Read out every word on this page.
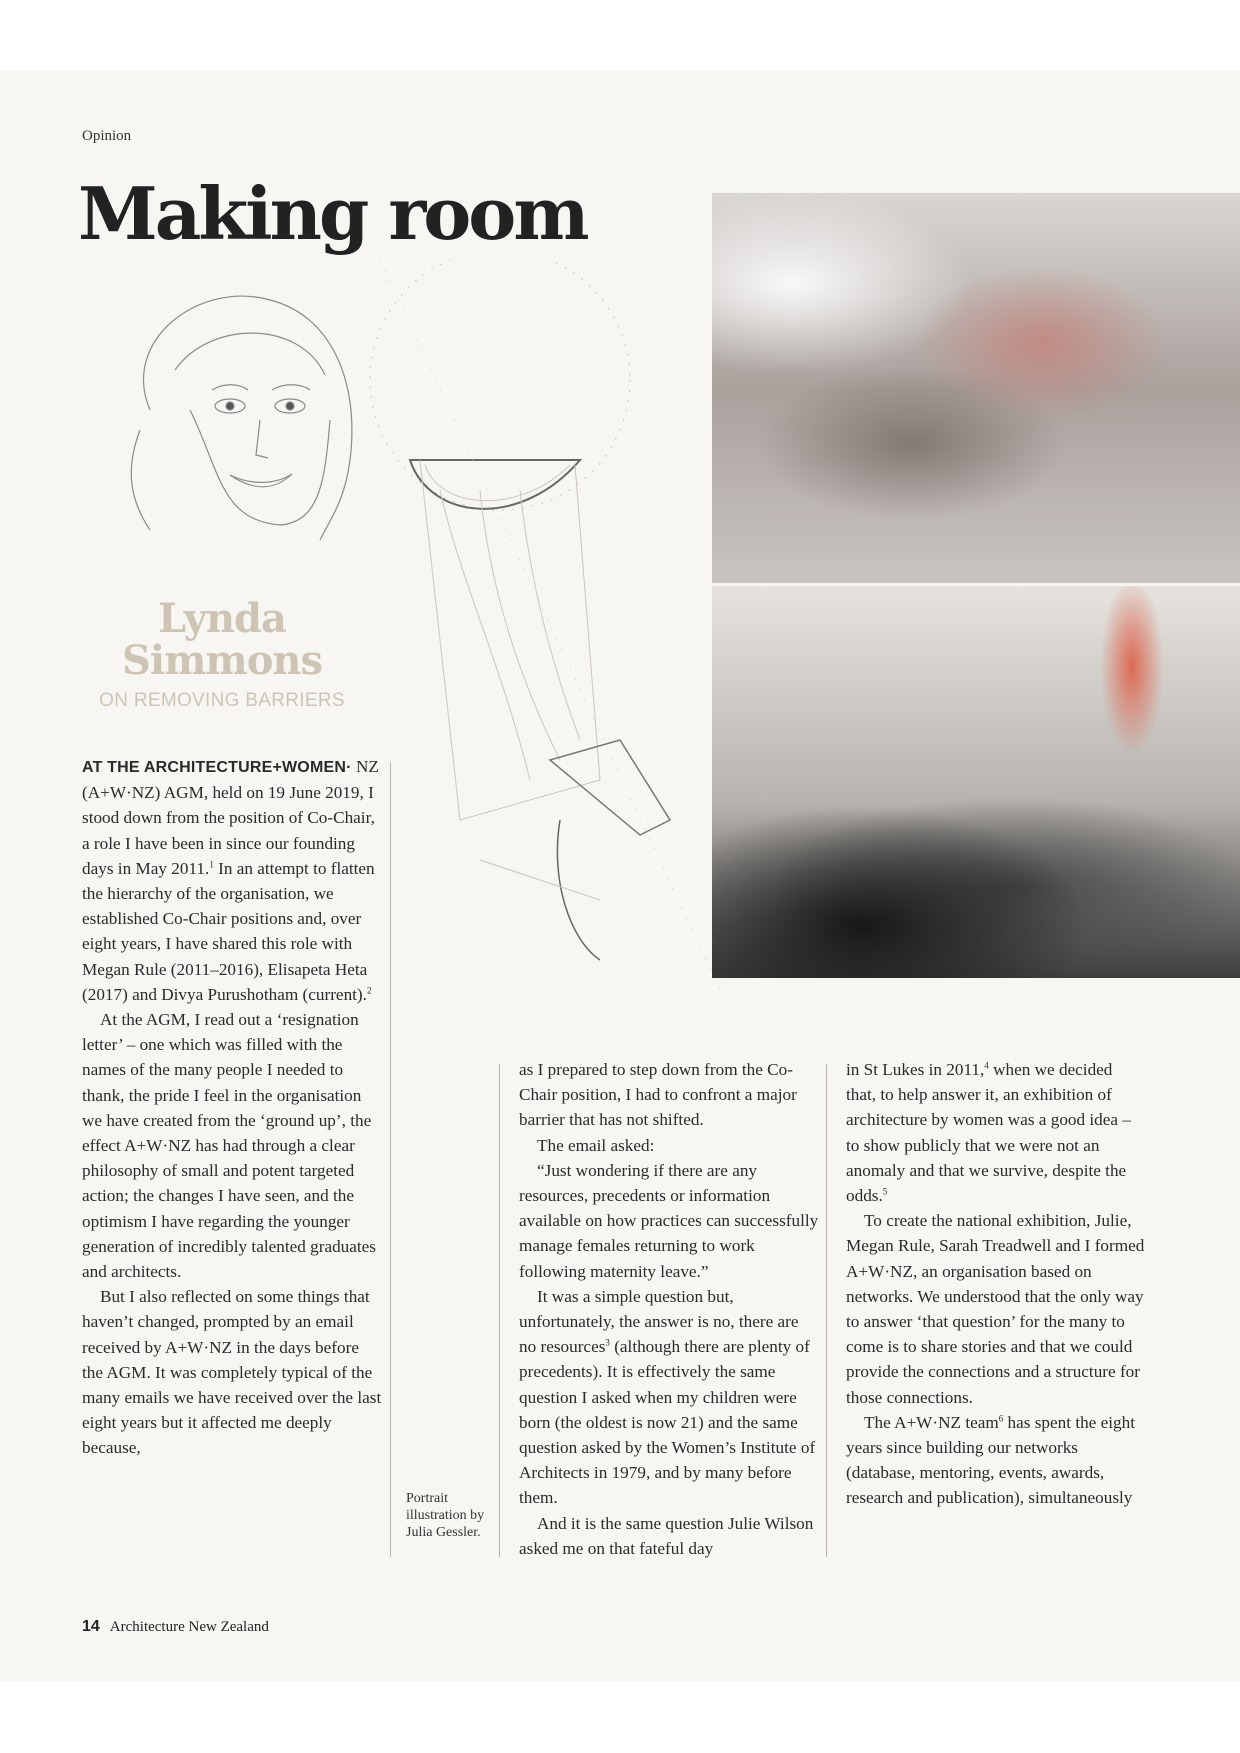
Opinion
Making room
Lynda
Simmons
ON REMOVING BARRIERS

AT THE ARCHITECTURE+WOMEN· NZ (A+W·NZ) AGM, held on 19 June 2019, I stood down from the position of Co-Chair, a role I have been in since our founding days in May 2011.$^1$ In an attempt to flatten the hierarchy of the organisation, we established Co-Chair positions and, over eight years, I have shared this role with Megan Rule (2011–2016), Elisapeta Heta (2017) and Divya Purushotham (current).$^2$

At the AGM, I read out a ‘resignation letter’ – one which was filled with the names of the many people I needed to thank, the pride I feel in the organisation we have created from the ‘ground up’, the effect A+W·NZ has had through a clear philosophy of small and potent targeted action; the changes I have seen, and the optimism I have regarding the younger generation of incredibly talented graduates and architects.

But I also reflected on some things that haven’t changed, prompted by an email received by A+W·NZ in the days before the AGM. It was completely typical of the many emails we have received over the last eight years but it affected me deeply because,

as I prepared to step down from the Co-Chair position, I had to confront a major barrier that has not shifted.

The email asked:

“Just wondering if there are any resources, precedents or information available on how practices can successfully manage females returning to work following maternity leave.”

It was a simple question but, unfortunately, the answer is no, there are no resources$^3$ (although there are plenty of precedents). It is effectively the same question I asked when my children were born (the oldest is now 21) and the same question asked by the Women’s Institute of Architects in 1979, and by many before them.

And it is the same question Julie Wilson asked me on that fateful day

in St Lukes in 2011,$^4$ when we decided that, to help answer it, an exhibition of architecture by women was a good idea – to show publicly that we were not an anomaly and that we survive, despite the odds.$^5$

To create the national exhibition, Julie, Megan Rule, Sarah Treadwell and I formed A+W·NZ, an organisation based on networks. We understood that the only way to answer ‘that question’ for the many to come is to share stories and that we could provide the connections and a structure for those connections.

The A+W·NZ team$^6$ has spent the eight years since building our networks (database, mentoring, events, awards, research and publication), simultaneously

Portrait illustration by Julia Gessler.
14 Architecture New Zealand
